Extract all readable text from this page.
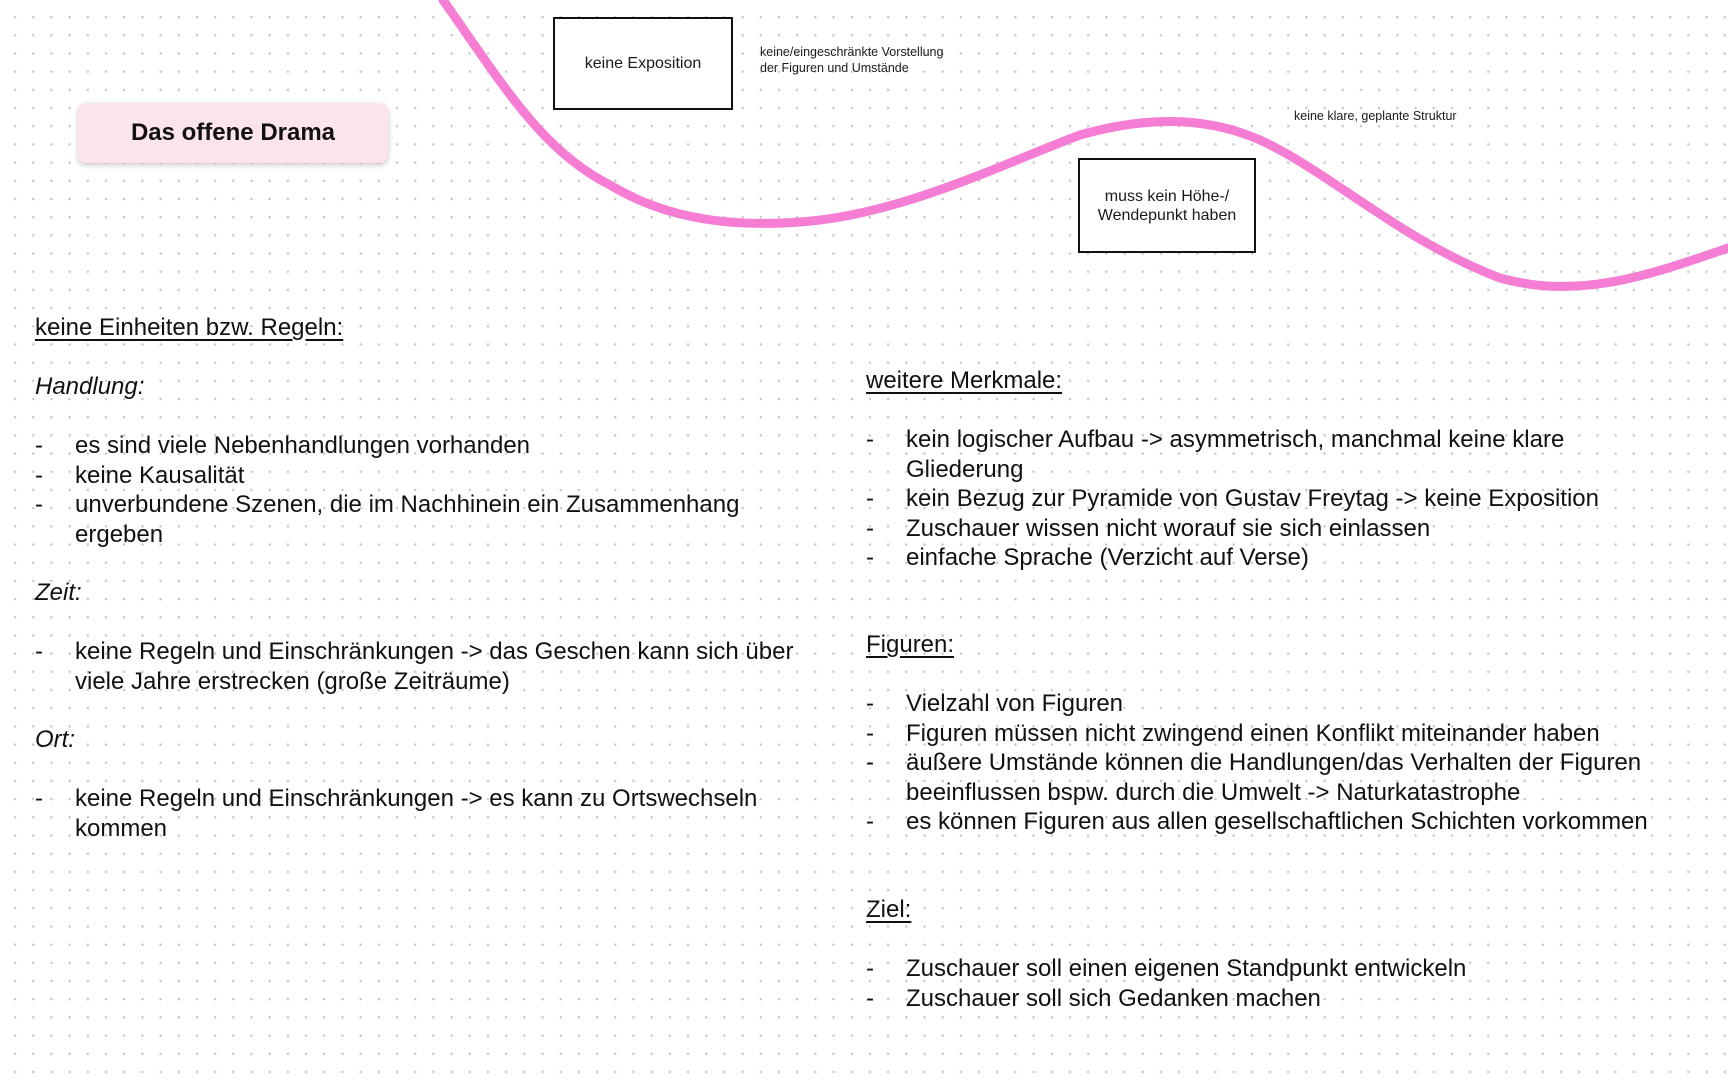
Das offene Drama
keine Exposition
keine/eingeschränkte Vorstellung
der Figuren und Umstände
keine klare, geplante Struktur
muss kein Höhe-/
Wendepunkt haben
keine Einheiten bzw. Regeln:
Handlung:
- es sind viele Nebenhandlungen vorhanden
- keine Kausalität
- unverbundene Szenen, die im Nachhinein ein Zusammenhang ergeben
Zeit:
- keine Regeln und Einschränkungen -> das Geschen kann sich über viele Jahre erstrecken (große Zeiträume)
Ort:
- keine Regeln und Einschränkungen -> es kann zu Ortswechseln kommen
weitere Merkmale:
- kein logischer Aufbau -> asymmetrisch, manchmal keine klare Gliederung
- kein Bezug zur Pyramide von Gustav Freytag -> keine Exposition
- Zuschauer wissen nicht worauf sie sich einlassen
- einfache Sprache (Verzicht auf Verse)
Figuren:
- Vielzahl von Figuren
- Figuren müssen nicht zwingend einen Konflikt miteinander haben
- äußere Umstände können die Handlungen/das Verhalten der Figuren beeinflussen bspw. durch die Umwelt -> Naturkatastrophe
- es können Figuren aus allen gesellschaftlichen Schichten vorkommen
Ziel:
- Zuschauer soll einen eigenen Standpunkt entwickeln
- Zuschauer soll sich Gedanken machen
